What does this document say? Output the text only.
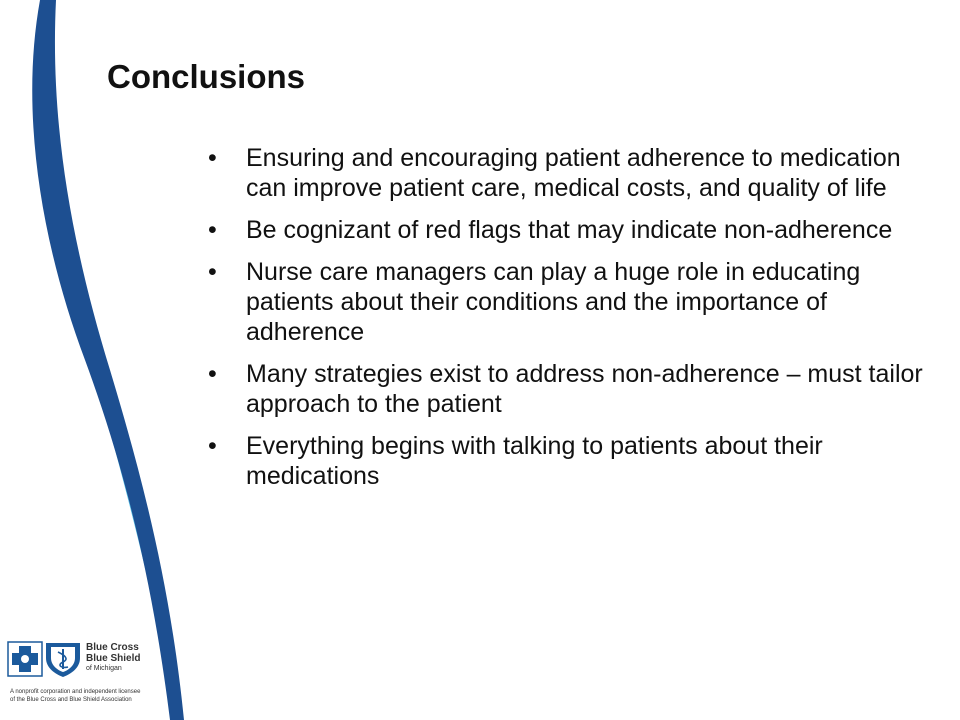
Conclusions
• Ensuring and encouraging patient adherence to medication can improve patient care, medical costs, and quality of life
• Be cognizant of red flags that may indicate non-adherence
• Nurse care managers can play a huge role in educating patients about their conditions and the importance of adherence
• Many strategies exist to address non-adherence – must tailor approach to the patient
• Everything begins with talking to patients about their medications
Blue Cross
Blue Shield
of Michigan
A nonprofit corporation and independent licensee
of the Blue Cross and Blue Shield Association
